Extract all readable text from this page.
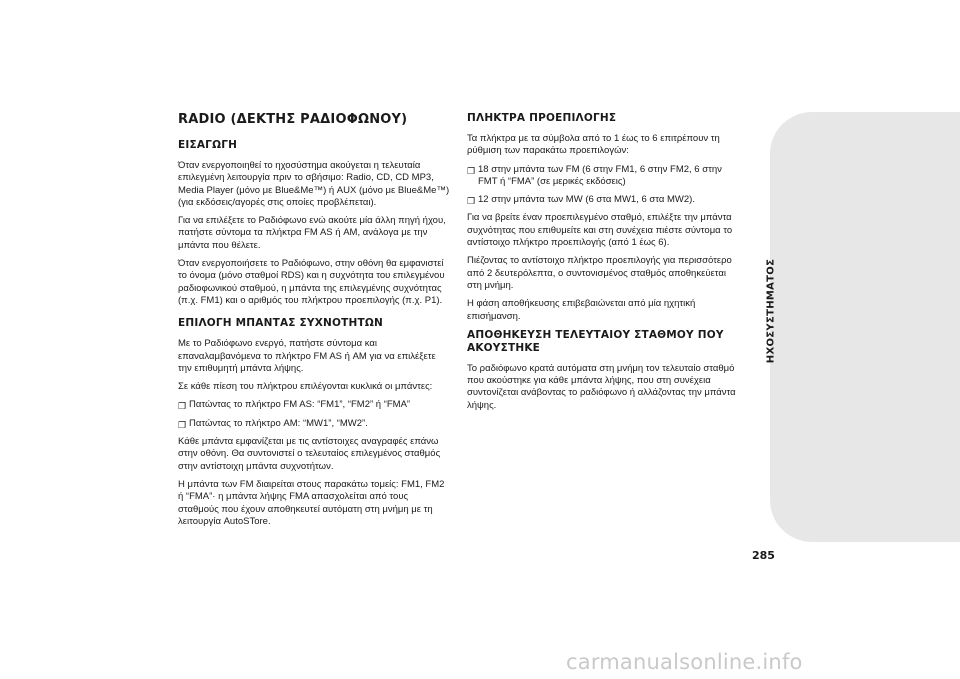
ΗΧΟΣΥΣΤΗΜΑΤΟΣ
RADIO (ΔΕΚΤΗΣ ΡΑΔΙΟΦΩΝΟΥ)
ΕΙΣΑΓΩΓΗ

Όταν ενεργοποιηθεί το ηχοσύστημα ακούγεται η τελευταία επιλεγμένη λειτουργία πριν το σβήσιμο: Radio, CD, CD MP3, Media Player (μόνο με Blue&Me™) ή AUX (μόνο με Blue&Me™) (για εκδόσεις/αγορές στις οποίες προβλέπεται).

Για να επιλέξετε το Ραδιόφωνο ενώ ακούτε μία άλλη πηγή ήχου, πατήστε σύντομα τα πλήκτρα FM AS ή AM, ανάλογα με την μπάντα που θέλετε.

Όταν ενεργοποιήσετε το Ραδιόφωνο, στην οθόνη θα εμφανιστεί το όνομα (μόνο σταθμοί RDS) και η συχνότητα του επιλεγμένου ραδιοφωνικού σταθμού, η μπάντα της επιλεγμένης συχνότητας (π.χ. FM1) και ο αριθμός του πλήκτρου προεπιλογής (π.χ. P1).

ΕΠΙΛΟΓΗ ΜΠΑΝΤΑΣ ΣΥΧΝΟΤΗΤΩΝ

Με το Ραδιόφωνο ενεργό, πατήστε σύντομα και επαναλαμβανόμενα το πλήκτρο FM AS ή AM για να επιλέξετε την επιθυμητή μπάντα λήψης.

Σε κάθε πίεση του πλήκτρου επιλέγονται κυκλικά οι μπάντες:

❒ Πατώντας το πλήκτρο FM AS: “FM1”, “FM2” ή “FMA”

❒ Πατώντας το πλήκτρο AM: “MW1”, “MW2”.

Κάθε μπάντα εμφανίζεται με τις αντίστοιχες αναγραφές επάνω στην οθόνη. Θα συντονιστεί ο τελευταίος επιλεγμένος σταθμός στην αντίστοιχη μπάντα συχνοτήτων.

Η μπάντα των FM διαιρείται στους παρακάτω τομείς: FM1, FM2 ή “FMA”· η μπάντα λήψης FMA απασχολείται από τους σταθμούς που έχουν αποθηκευτεί αυτόματη στη μνήμη με τη λειτουργία AutoSTore.

ΠΛΗΚΤΡΑ ΠΡΟΕΠΙΛΟΓΗΣ

Τα πλήκτρα με τα σύμβολα από το 1 έως το 6 επιτρέπουν τη ρύθμιση των παρακάτω προεπιλογών:

❒ 18 στην μπάντα των FM (6 στην FM1, 6 στην FM2, 6 στην FMT ή “FMA” (σε μερικές εκδόσεις)

❒ 12 στην μπάντα των MW (6 στα MW1, 6 στα MW2).

Για να βρείτε έναν προεπιλεγμένο σταθμό, επιλέξτε την μπάντα συχνότητας που επιθυμείτε και στη συνέχεια πιέστε σύντομα το αντίστοιχο πλήκτρο προεπιλογής (από 1 έως 6).

Πιέζοντας το αντίστοιχο πλήκτρο προεπιλογής για περισσότερο από 2 δευτερόλεπτα, ο συντονισμένος σταθμός αποθηκεύεται στη μνήμη.

Η φάση αποθήκευσης επιβεβαιώνεται από μία ηχητική επισήμανση.

ΑΠΟΘΗΚΕΥΣΗ ΤΕΛΕΥΤΑΙΟΥ ΣΤΑΘΜΟΥ ΠΟΥ ΑΚΟΥΣΤΗΚΕ

Το ραδιόφωνο κρατά αυτόματα στη μνήμη τον τελευταίο σταθμό που ακούστηκε για κάθε μπάντα λήψης, που στη συνέχεια συντονίζεται ανάβοντας το ραδιόφωνο ή αλλάζοντας την μπάντα λήψης.

285
carmanualsonline.info
